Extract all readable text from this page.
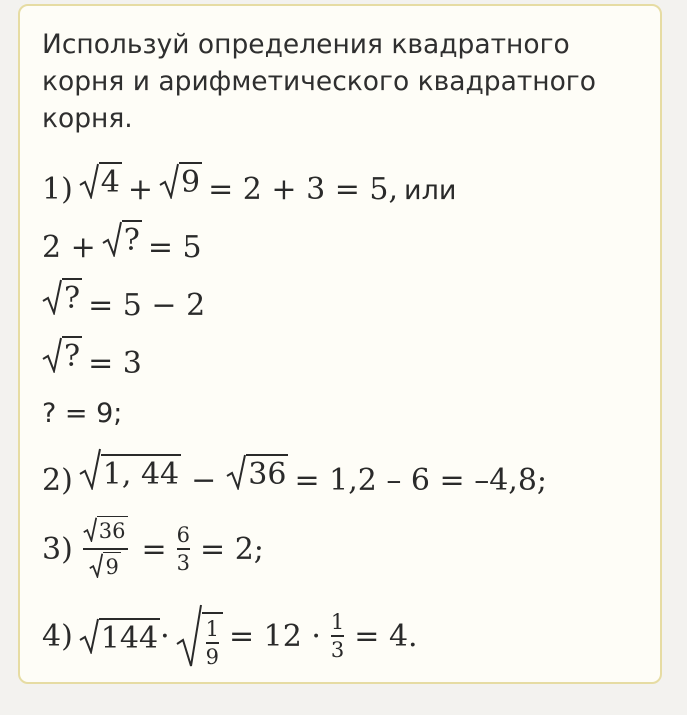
Используй определения квадратного корня и арифметического квадратного корня.

1) 4 + 9 = 2 + 3 = 5, или
2 + ? = 5
? = 5 − 2
? = 3
? = 9;
2) 1, 44 − 36 = 1,2 – 6 = –4,8;
$3) \frac{36}{9} = \frac{6}{3} = 2$;
4) $144 \cdot \frac{1}{9} = 12 \cdot \frac{1}{3} = 4$.
